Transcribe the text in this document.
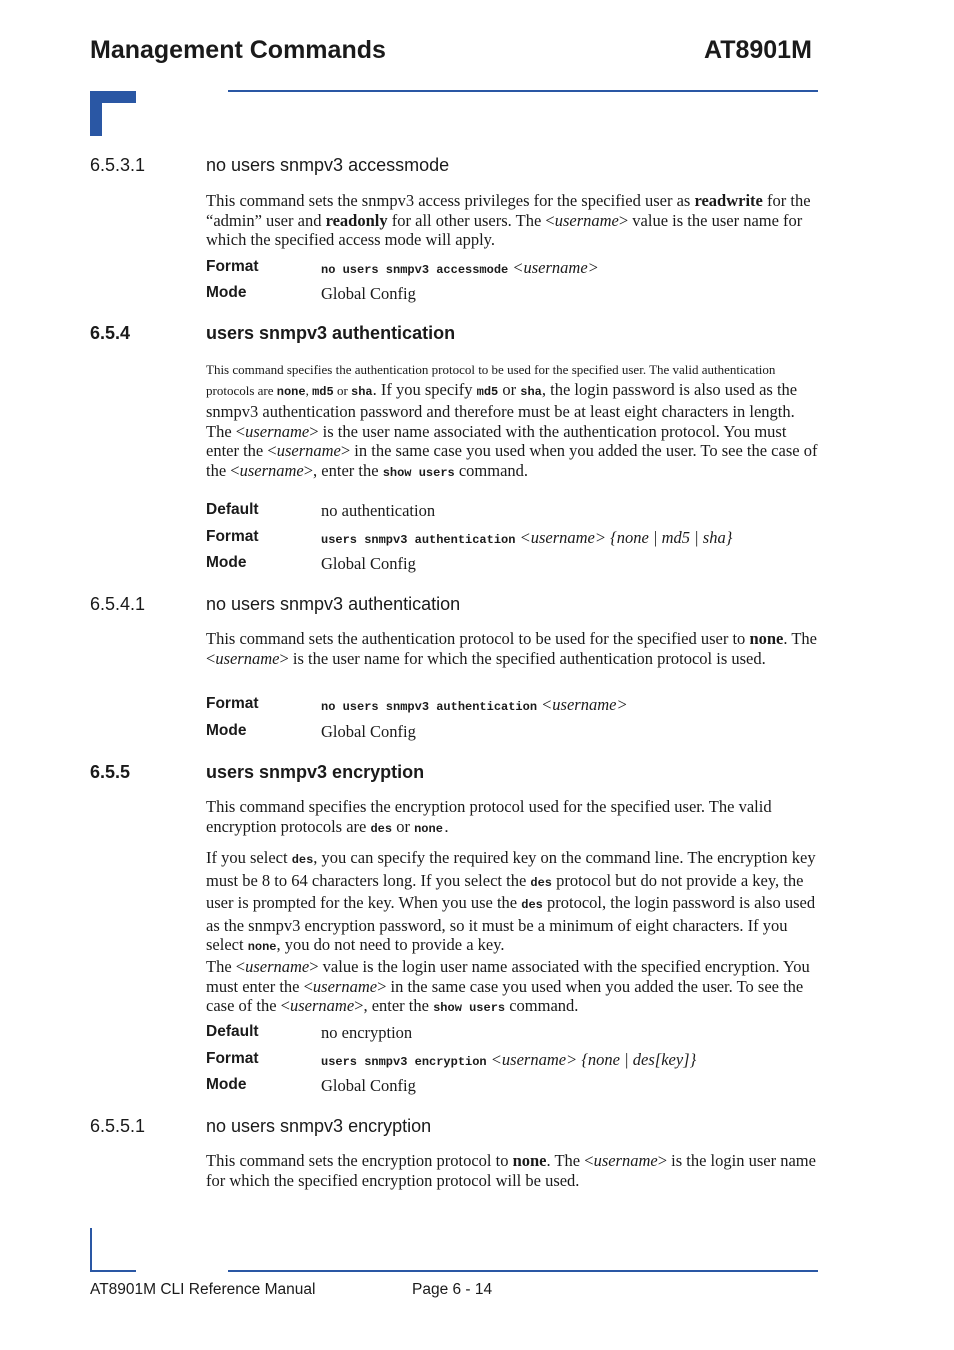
Management Commands	AT8901M
6.5.3.1	no users snmpv3 accessmode
This command sets the snmpv3 access privileges for the specified user as readwrite for the “admin” user and readonly for all other users. The <username> value is the user name for which the specified access mode will apply.
Format	no users snmpv3 accessmode <username>
Mode	Global Config
6.5.4	users snmpv3 authentication
This command specifies the authentication protocol to be used for the specified user. The valid authentication protocols are none, md5 or sha. If you specify md5 or sha, the login password is also used as the snmpv3 authentication password and therefore must be at least eight characters in length. The <username> is the user name associated with the authentication protocol. You must enter the <username> in the same case you used when you added the user. To see the case of the <username>, enter the show users command.
Default	no authentication
Format	users snmpv3 authentication <username> {none | md5 | sha}
Mode	Global Config
6.5.4.1	no users snmpv3 authentication
This command sets the authentication protocol to be used for the specified user to none. The <username> is the user name for which the specified authentication protocol is used.
Format	no users snmpv3 authentication <username>
Mode	Global Config
6.5.5	users snmpv3 encryption
This command specifies the encryption protocol used for the specified user. The valid encryption protocols are des or none.
If you select des, you can specify the required key on the command line. The encryption key must be 8 to 64 characters long. If you select the des protocol but do not provide a key, the user is prompted for the key. When you use the des protocol, the login password is also used as the snmpv3 encryption password, so it must be a minimum of eight characters. If you select none, you do not need to provide a key.
The <username> value is the login user name associated with the specified encryption. You must enter the <username> in the same case you used when you added the user. To see the case of the <username>, enter the show users command.
Default	no encryption
Format	users snmpv3 encryption <username> {none | des[key]}
Mode	Global Config
6.5.5.1	no users snmpv3 encryption
This command sets the encryption protocol to none. The <username> is the login user name for which the specified encryption protocol will be used.
AT8901M CLI Reference Manual	Page 6 - 14
